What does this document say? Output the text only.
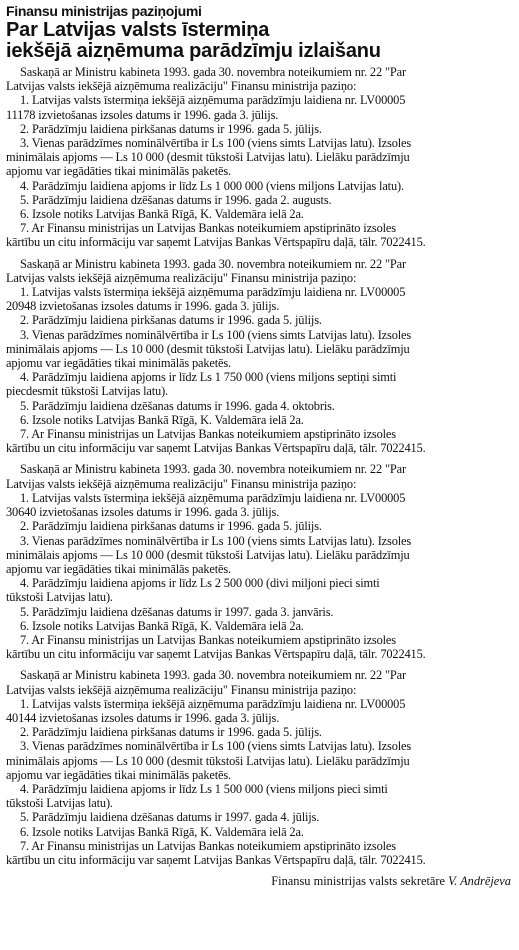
Finansu ministrijas paziņojumi

Par Latvijas valsts īstermiņa
iekšējā aizņēmuma parādzīmju izlaišanu

Saskaņā ar Ministru kabineta 1993. gada 30. novembra noteikumiem nr. 22 "Par

Latvijas valsts iekšējā aizņēmuma realizāciju" Finansu ministrija paziņo:

1. Latvijas valsts īstermiņa iekšējā aizņēmuma parādzīmju laidiena nr. LV00005

11178 izvietošanas izsoles datums ir 1996. gada 3. jūlijs.

2. Parādzīmju laidiena pirkšanas datums ir 1996. gada 5. jūlijs.

3. Vienas parādzīmes nominālvērtība ir Ls 100 (viens simts Latvijas latu). Izsoles

minimālais apjoms — Ls 10 000 (desmit tūkstoši Latvijas latu). Lielāku parādzīmju

apjomu var iegādāties tikai minimālās paketēs.

4. Parādzīmju laidiena apjoms ir līdz Ls 1 000 000 (viens miljons Latvijas latu).

5. Parādzīmju laidiena dzēšanas datums ir 1996. gada 2. augusts.

6. Izsole notiks Latvijas Bankā Rīgā, K. Valdemāra ielā 2a.

7. Ar Finansu ministrijas un Latvijas Bankas noteikumiem apstiprināto izsoles

kārtību un citu informāciju var saņemt Latvijas Bankas Vērtspapīru daļā, tālr. 7022415.

Saskaņā ar Ministru kabineta 1993. gada 30. novembra noteikumiem nr. 22 "Par

Latvijas valsts iekšējā aizņēmuma realizāciju" Finansu ministrija paziņo:

1. Latvijas valsts īstermiņa iekšējā aizņēmuma parādzīmju laidiena nr. LV00005

20948 izvietošanas izsoles datums ir 1996. gada 3. jūlijs.

2. Parādzīmju laidiena pirkšanas datums ir 1996. gada 5. jūlijs.

3. Vienas parādzīmes nominālvērtība ir Ls 100 (viens simts Latvijas latu). Izsoles

minimālais apjoms — Ls 10 000 (desmit tūkstoši Latvijas latu). Lielāku parādzīmju

apjomu var iegādāties tikai minimālās paketēs.

4. Parādzīmju laidiena apjoms ir līdz Ls 1 750 000 (viens miljons septiņi simti

piecdesmit tūkstoši Latvijas latu).

5. Parādzīmju laidiena dzēšanas datums ir 1996. gada 4. oktobris.

6. Izsole notiks Latvijas Bankā Rīgā, K. Valdemāra ielā 2a.

7. Ar Finansu ministrijas un Latvijas Bankas noteikumiem apstiprināto izsoles

kārtību un citu informāciju var saņemt Latvijas Bankas Vērtspapīru daļā, tālr. 7022415.

Saskaņā ar Ministru kabineta 1993. gada 30. novembra noteikumiem nr. 22 "Par

Latvijas valsts iekšējā aizņēmuma realizāciju" Finansu ministrija paziņo:

1. Latvijas valsts īstermiņa iekšējā aizņēmuma parādzīmju laidiena nr. LV00005

30640 izvietošanas izsoles datums ir 1996. gada 3. jūlijs.

2. Parādzīmju laidiena pirkšanas datums ir 1996. gada 5. jūlijs.

3. Vienas parādzīmes nominālvērtība ir Ls 100 (viens simts Latvijas latu). Izsoles

minimālais apjoms — Ls 10 000 (desmit tūkstoši Latvijas latu). Lielāku parādzīmju

apjomu var iegādāties tikai minimālās paketēs.

4. Parādzīmju laidiena apjoms ir līdz Ls 2 500 000 (divi miljoni pieci simti

tūkstoši Latvijas latu).

5. Parādzīmju laidiena dzēšanas datums ir 1997. gada 3. janvāris.

6. Izsole notiks Latvijas Bankā Rīgā, K. Valdemāra ielā 2a.

7. Ar Finansu ministrijas un Latvijas Bankas noteikumiem apstiprināto izsoles

kārtību un citu informāciju var saņemt Latvijas Bankas Vērtspapīru daļā, tālr. 7022415.

Saskaņā ar Ministru kabineta 1993. gada 30. novembra noteikumiem nr. 22 "Par

Latvijas valsts iekšējā aizņēmuma realizāciju" Finansu ministrija paziņo:

1. Latvijas valsts īstermiņa iekšējā aizņēmuma parādzīmju laidiena nr. LV00005

40144 izvietošanas izsoles datums ir 1996. gada 3. jūlijs.

2. Parādzīmju laidiena pirkšanas datums ir 1996. gada 5. jūlijs.

3. Vienas parādzīmes nominālvērtība ir Ls 100 (viens simts Latvijas latu). Izsoles

minimālais apjoms — Ls 10 000 (desmit tūkstoši Latvijas latu). Lielāku parādzīmju

apjomu var iegādāties tikai minimālās paketēs.

4. Parādzīmju laidiena apjoms ir līdz Ls 1 500 000 (viens miljons pieci simti

tūkstoši Latvijas latu).

5. Parādzīmju laidiena dzēšanas datums ir 1997. gada 4. jūlijs.

6. Izsole notiks Latvijas Bankā Rīgā, K. Valdemāra ielā 2a.

7. Ar Finansu ministrijas un Latvijas Bankas noteikumiem apstiprināto izsoles

kārtību un citu informāciju var saņemt Latvijas Bankas Vērtspapīru daļā, tālr. 7022415.

Finansu ministrijas valsts sekretāre V. Andrējeva
